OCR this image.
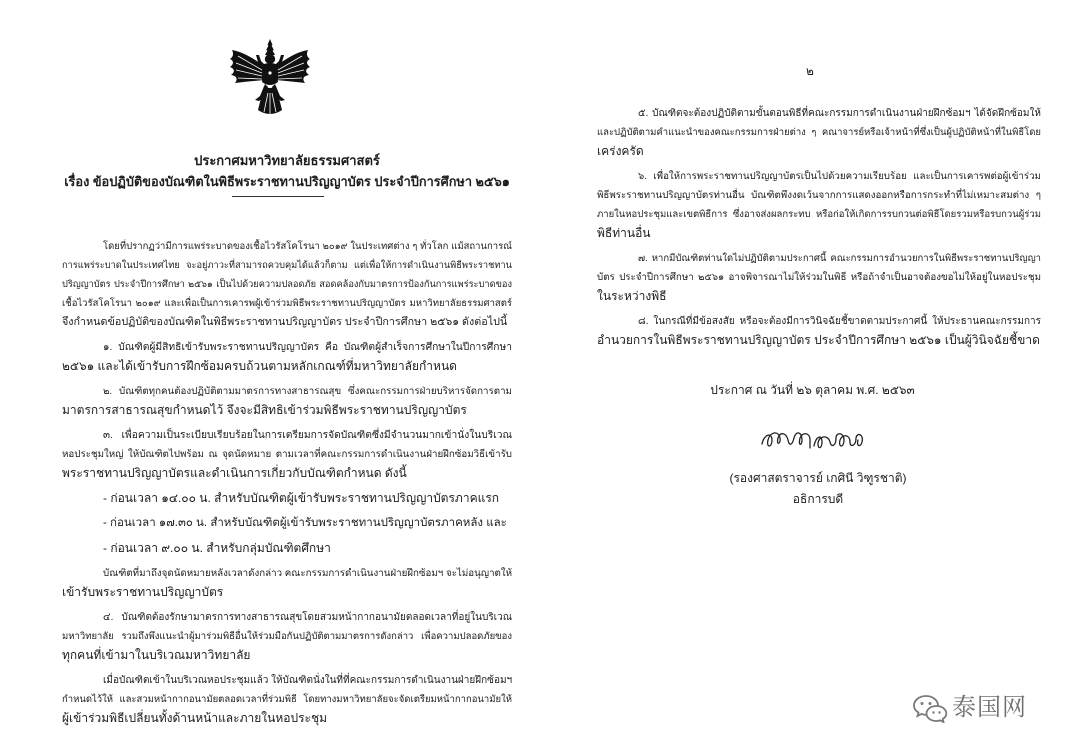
ประกาศมหาวิทยาลัยธรรมศาสตร์
เรื่อง ข้อปฏิบัติของบัณฑิตในพิธีพระราชทานปริญญาบัตร ประจำปีการศึกษา ๒๕๖๑
โดยที่ปรากฏว่ามีการแพร่ระบาดของเชื้อไวรัสโคโรนา ๒๐๑๙ ในประเทศต่าง ๆ ทั่วโลก แม้สถานการณ์
การแพร่ระบาดในประเทศไทย จะอยู่ภาวะที่สามารถควบคุมได้แล้วก็ตาม แต่เพื่อให้การดำเนินงานพิธีพระราชทาน
ปริญญาบัตร ประจำปีการศึกษา ๒๕๖๑ เป็นไปด้วยความปลอดภัย สอดคล้องกับมาตรการป้องกันการแพร่ระบาดของ
เชื้อไวรัสโคโรนา ๒๐๑๙ และเพื่อเป็นการเคารพผู้เข้าร่วมพิธีพระราชทานปริญญาบัตร มหาวิทยาลัยธรรมศาสตร์
จึงกำหนดข้อปฏิบัติของบัณฑิตในพิธีพระราชทานปริญญาบัตร ประจำปีการศึกษา ๒๕๖๑ ดังต่อไปนี้
๑. บัณฑิตผู้มีสิทธิเข้ารับพระราชทานปริญญาบัตร คือ บัณฑิตผู้สำเร็จการศึกษาในปีการศึกษา
๒๕๖๑ และได้เข้ารับการฝึกซ้อมครบถ้วนตามหลักเกณฑ์ที่มหาวิทยาลัยกำหนด
๒. บัณฑิตทุกคนต้องปฏิบัติตามมาตรการทางสาธารณสุข ซึ่งคณะกรรมการฝ่ายบริหารจัดการตาม
มาตรการสาธารณสุขกำหนดไว้ จึงจะมีสิทธิเข้าร่วมพิธีพระราชทานปริญญาบัตร
๓. เพื่อความเป็นระเบียบเรียบร้อยในการเตรียมการจัดบัณฑิตซึ่งมีจำนวนมากเข้านั่งในบริเวณ
หอประชุมใหญ่ ให้บัณฑิตไปพร้อม ณ จุดนัดหมาย ตามเวลาที่คณะกรรมการดำเนินงานฝ่ายฝึกซ้อมวิธีเข้ารับ
พระราชทานปริญญาบัตรและดำเนินการเกี่ยวกับบัณฑิตกำหนด ดังนี้
- ก่อนเวลา ๑๔.๐๐ น. สำหรับบัณฑิตผู้เข้ารับพระราชทานปริญญาบัตรภาคแรก
- ก่อนเวลา ๑๗.๓๐ น. สำหรับบัณฑิตผู้เข้ารับพระราชทานปริญญาบัตรภาคหลัง และ
- ก่อนเวลา ๙.๐๐ น. สำหรับกลุ่มบัณฑิตศึกษา
บัณฑิตที่มาถึงจุดนัดหมายหลังเวลาดังกล่าว คณะกรรมการดำเนินงานฝ่ายฝึกซ้อมฯ จะไม่อนุญาตให้
เข้ารับพระราชทานปริญญาบัตร
๔. บัณฑิตต้องรักษามาตรการทางสาธารณสุขโดยสวมหน้ากากอนามัยตลอดเวลาที่อยู่ในบริเวณ
มหาวิทยาลัย รวมถึงพึงแนะนำผู้มาร่วมพิธีอื่นให้ร่วมมือกันปฏิบัติตามมาตรการดังกล่าว เพื่อความปลอดภัยของ
ทุกคนที่เข้ามาในบริเวณมหาวิทยาลัย
เมื่อบัณฑิตเข้าในบริเวณหอประชุมแล้ว ให้บัณฑิตนั่งในที่ที่คณะกรรมการดำเนินงานฝ่ายฝึกซ้อมฯ
กำหนดไว้ให้ และสวมหน้ากากอนามัยตลอดเวลาที่ร่วมพิธี โดยทางมหาวิทยาลัยจะจัดเตรียมหน้ากากอนามัยให้
ผู้เข้าร่วมพิธีเปลี่ยนทั้งด้านหน้าและภายในหอประชุม
๒
๕. บัณฑิตจะต้องปฏิบัติตามขั้นตอนพิธีที่คณะกรรมการดำเนินงานฝ่ายฝึกซ้อมฯ ได้จัดฝึกซ้อมให้
และปฏิบัติตามคำแนะนำของคณะกรรมการฝ่ายต่าง ๆ คณาจารย์หรือเจ้าหน้าที่ซึ่งเป็นผู้ปฏิบัติหน้าที่ในพิธีโดย
เคร่งครัด
๖. เพื่อให้การพระราชทานปริญญาบัตรเป็นไปด้วยความเรียบร้อย และเป็นการเคารพต่อผู้เข้าร่วม
พิธีพระราชทานปริญญาบัตรท่านอื่น บัณฑิตพึงงดเว้นจากการแสดงออกหรือการกระทำที่ไม่เหมาะสมต่าง ๆ
ภายในหอประชุมและเขตพิธีการ ซึ่งอาจส่งผลกระทบ หรือก่อให้เกิดการรบกวนต่อพิธีโดยรวมหรือรบกวนผู้ร่วม
พิธีท่านอื่น
๗. หากมีบัณฑิตท่านใดไม่ปฏิบัติตามประกาศนี้ คณะกรรมการอำนวยการในพิธีพระราชทานปริญญา
บัตร ประจำปีการศึกษา ๒๕๖๑ อาจพิจารณาไม่ให้ร่วมในพิธี หรือถ้าจำเป็นอาจต้องขอไม่ให้อยู่ในหอประชุม
ในระหว่างพิธี
๘. ในกรณีที่มีข้อสงสัย หรือจะต้องมีการวินิจฉัยชี้ขาดตามประกาศนี้ ให้ประธานคณะกรรมการ
อำนวยการในพิธีพระราชทานปริญญาบัตร ประจำปีการศึกษา ๒๕๖๑ เป็นผู้วินิจฉัยชี้ขาด
ประกาศ ณ วันที่ ๒๖ ตุลาคม พ.ศ. ๒๕๖๓
(รองศาสตราจารย์ เกศินี วิฑูรชาติ)
อธิการบดี
泰国网
